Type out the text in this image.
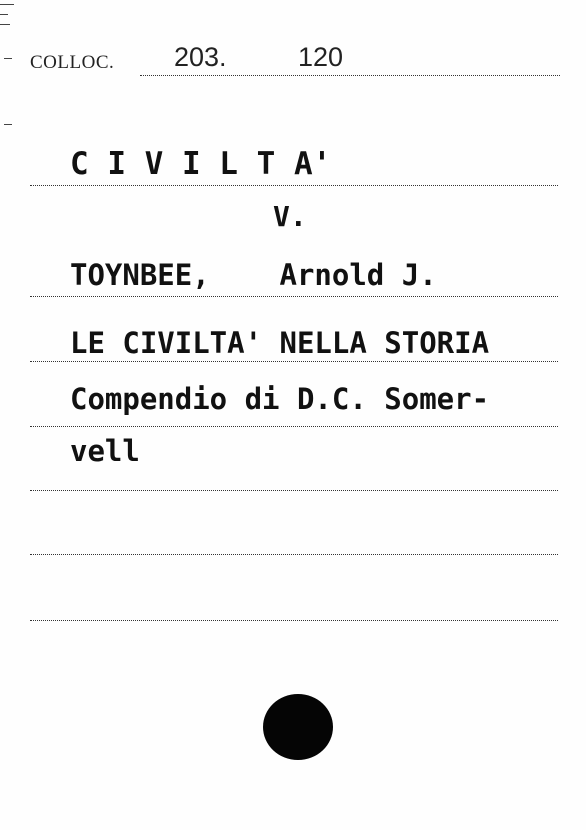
COLLOC. 203.	120
C I V I L T A'
V.
TOYNBEE,    Arnold J.
LE CIVILTA' NELLA STORIA
Compendio di D.C. Somer-
vell
